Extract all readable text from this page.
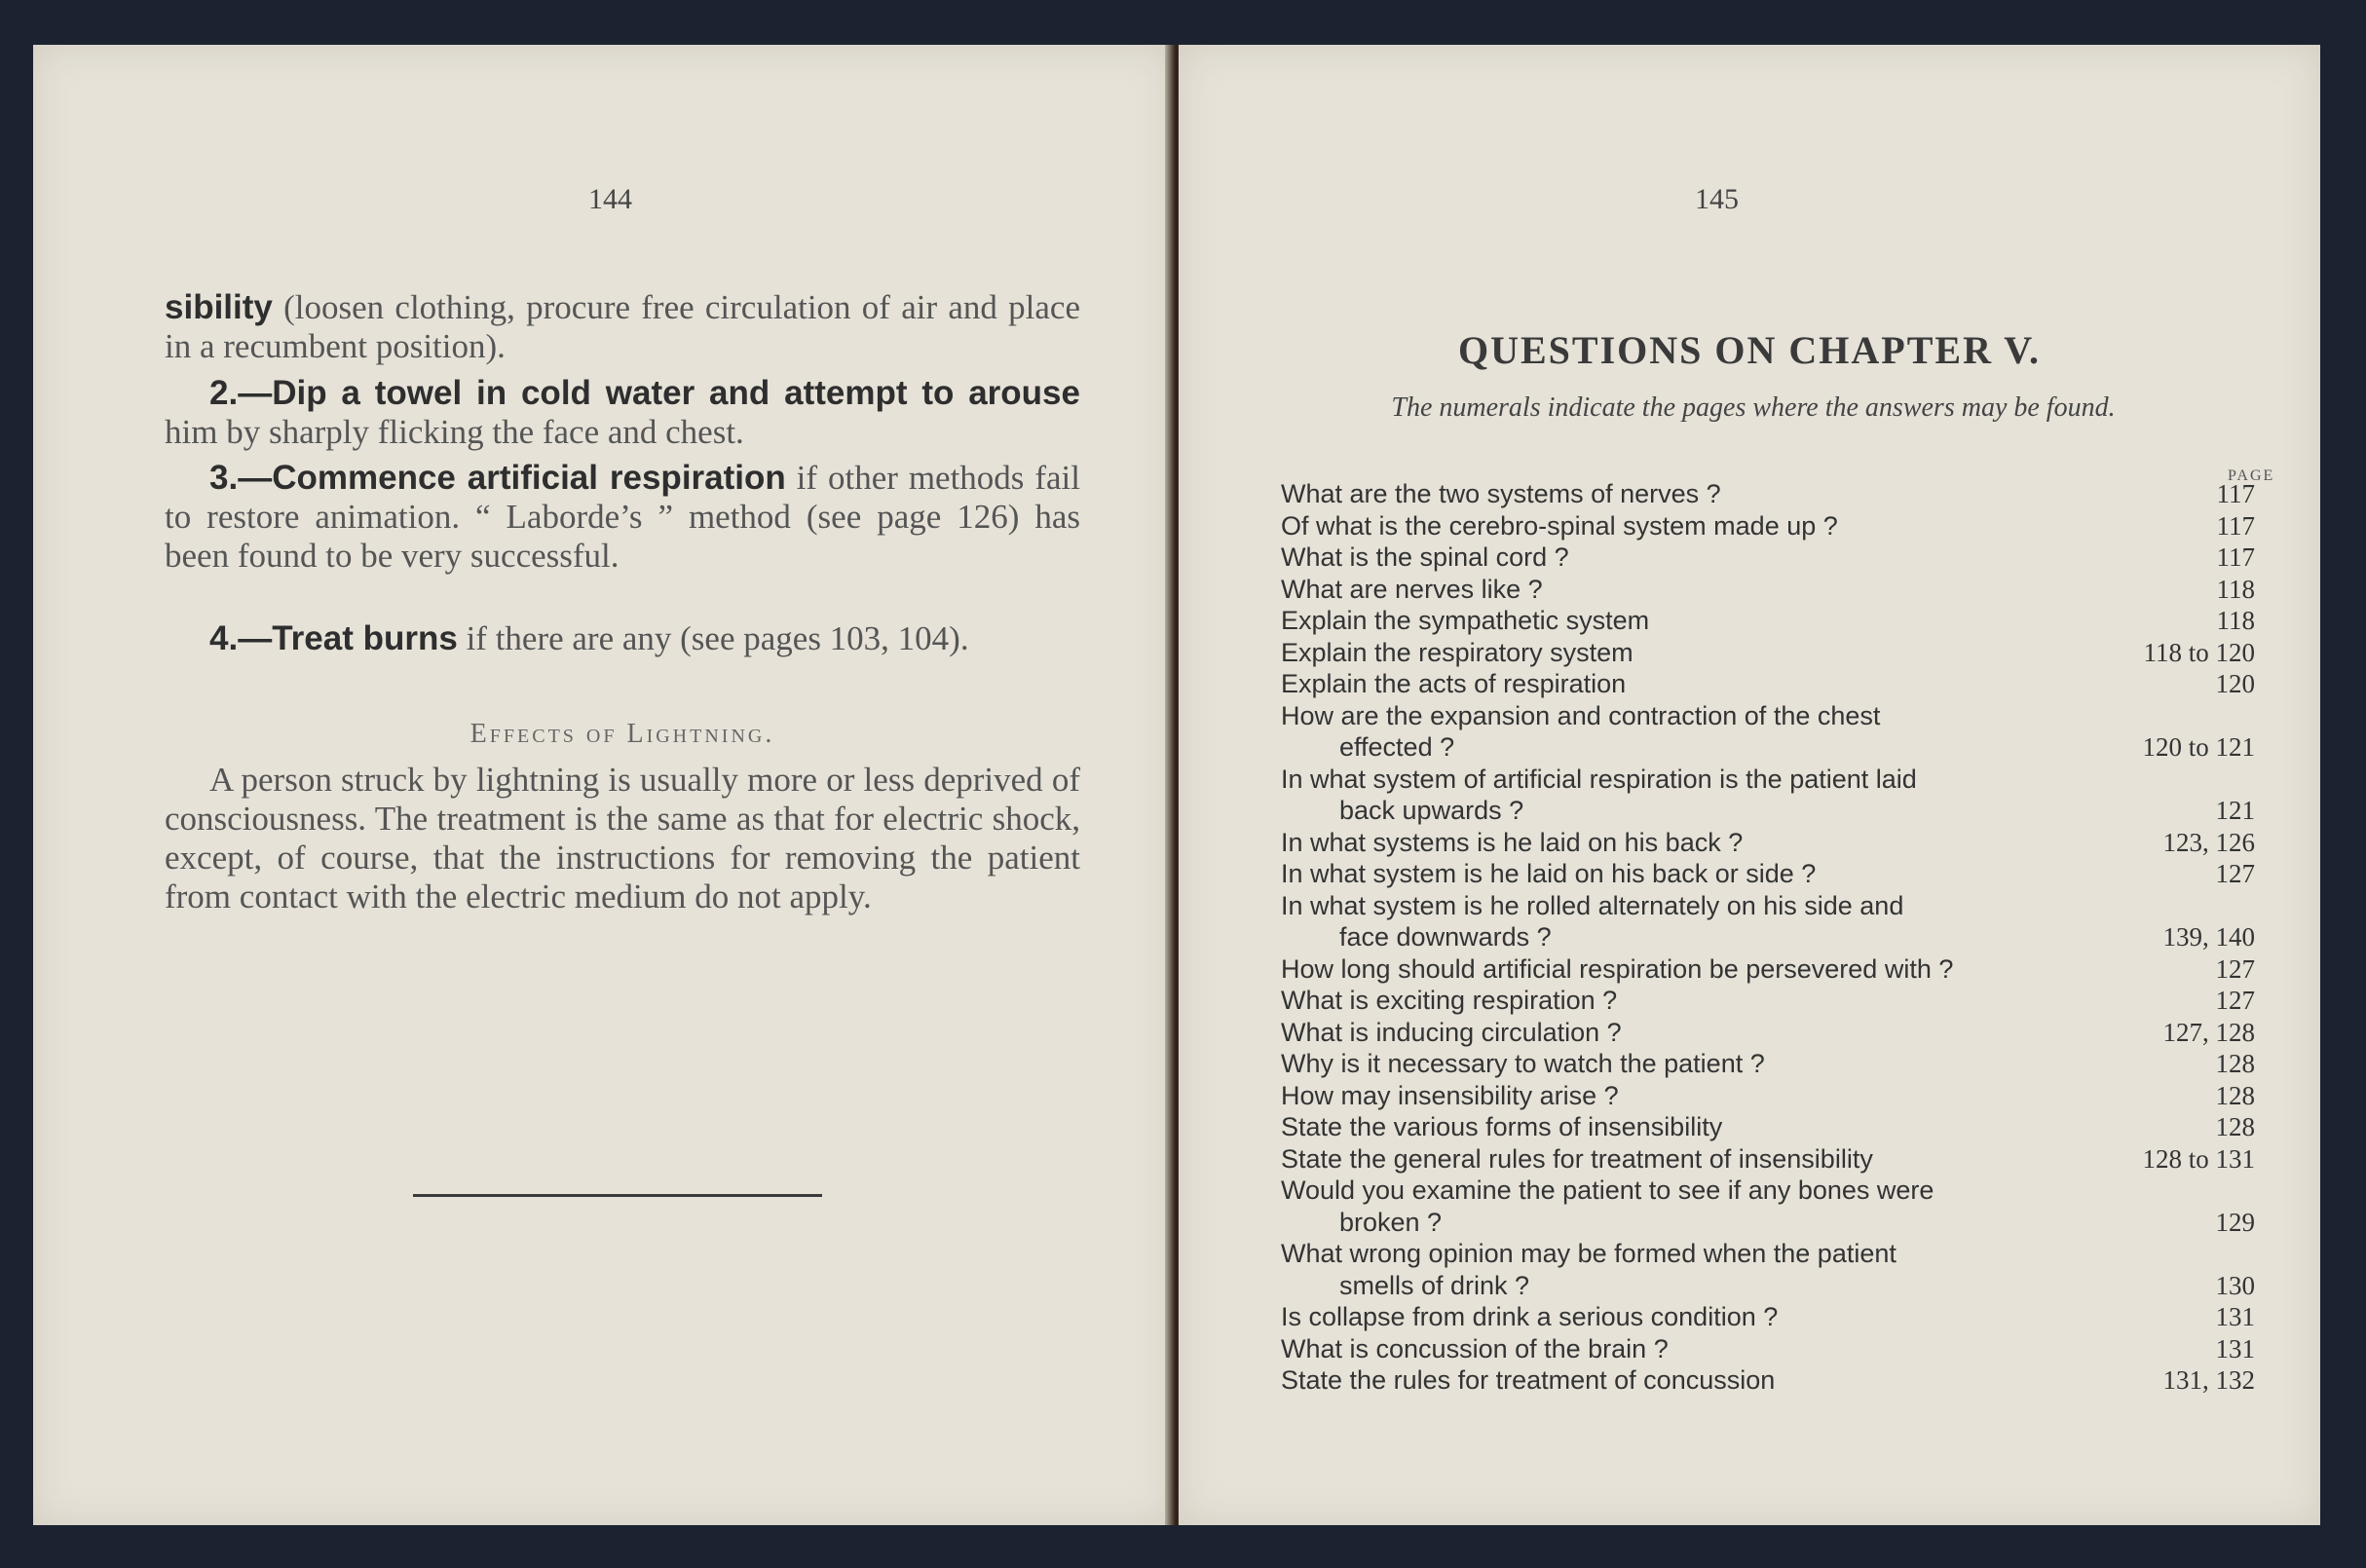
144

sibility (loosen clothing, procure free circulation of air and place in a recumbent position).

2.—Dip a towel in cold water and attempt to arouse him by sharply flicking the face and chest.

3.—Commence artificial respiration if other methods fail to restore animation. “ Laborde’s ” method (see page 126) has been found to be very successful.

4.—Treat burns if there are any (see pages 103, 104).

Effects of Lightning.

A person struck by lightning is usually more or less deprived of consciousness. The treatment is the same as that for electric shock, except, of course, that the instructions for removing the patient from contact with the electric medium do not apply.

145
QUESTIONS ON CHAPTER V.

The numerals indicate the pages where the answers may be found.

PAGE
What are the two systems of nerves ?	117
Of what is the cerebro-spinal system made up ?	117
What is the spinal cord ?	117
What are nerves like ?	118
Explain the sympathetic system	118
Explain the respiratory system	118 to 120
Explain the acts of respiration	120
How are the expansion and contraction of the chest
effected ?	120 to 121
In what system of artificial respiration is the patient laid
back upwards ?	121
In what systems is he laid on his back ?	123, 126
In what system is he laid on his back or side ?	127
In what system is he rolled alternately on his side and
face downwards ?	139, 140
How long should artificial respiration be persevered with ?	127
What is exciting respiration ?	127
What is inducing circulation ?	127, 128
Why is it necessary to watch the patient ?	128
How may insensibility arise ?	128
State the various forms of insensibility	128
State the general rules for treatment of insensibility	128 to 131
Would you examine the patient to see if any bones were
broken ?	129
What wrong opinion may be formed when the patient
smells of drink ?	130
Is collapse from drink a serious condition ?	131
What is concussion of the brain ?	131
State the rules for treatment of concussion	131, 132
